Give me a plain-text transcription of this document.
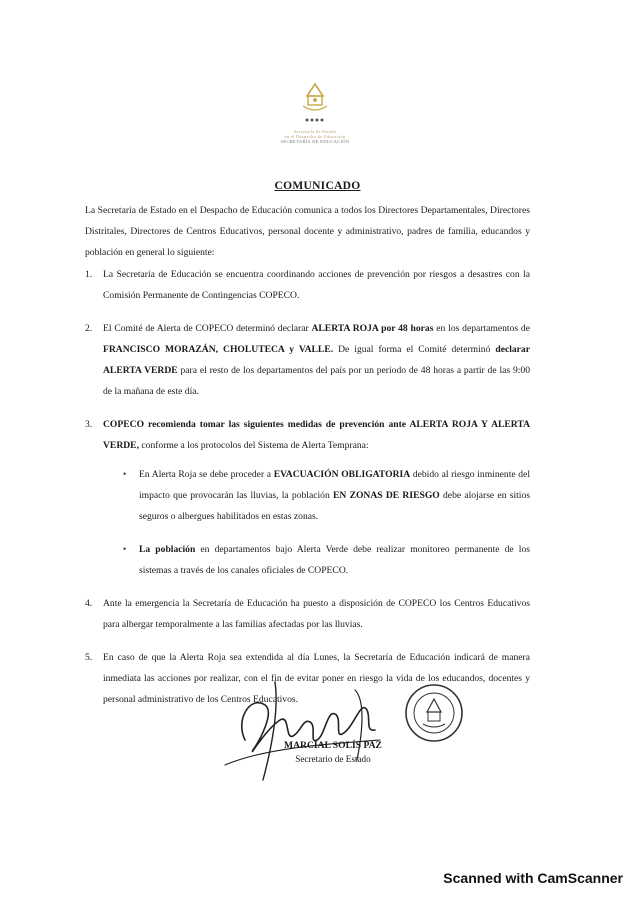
Secretaría de Estado
en el Despacho de Educación
SECRETARÍA DE EDUCACIÓN
COMUNICADO
La Secretaría de Estado en el Despacho de Educación comunica a todos los Directores Departamentales, Directores Distritales, Directores de Centros Educativos, personal docente y administrativo, padres de familia, educandos y población en general lo siguiente:
1. La Secretaría de Educación se encuentra coordinando acciones de prevención por riesgos a desastres con la Comisión Permanente de Contingencias COPECO.
2. El Comité de Alerta de COPECO determinó declarar ALERTA ROJA por 48 horas en los departamentos de FRANCISCO MORAZÁN, CHOLUTECA y VALLE. De igual forma el Comité determinó declarar ALERTA VERDE para el resto de los departamentos del país por un período de 48 horas a partir de las 9:00 de la mañana de este día.
3. COPECO recomienda tomar las siguientes medidas de prevención ante ALERTA ROJA Y ALERTA VERDE, conforme a los protocolos del Sistema de Alerta Temprana:
• En Alerta Roja se debe proceder a EVACUACIÓN OBLIGATORIA debido al riesgo inminente del impacto que provocarán las lluvias, la población EN ZONAS DE RIESGO debe alojarse en sitios seguros o albergues habilitados en estas zonas.
• La población en departamentos bajo Alerta Verde debe realizar monitoreo permanente de los sistemas a través de los canales oficiales de COPECO.
4. Ante la emergencia la Secretaría de Educación ha puesto a disposición de COPECO los Centros Educativos para albergar temporalmente a las familias afectadas por las lluvias.
5. En caso de que la Alerta Roja sea extendida al día Lunes, la Secretaría de Educación indicará de manera inmediata las acciones por realizar, con el fin de evitar poner en riesgo la vida de los educandos, docentes y personal administrativo de los Centros Educativos.
MARCIAL SOLÍS PAZ
Secretario de Estado
Scanned with CamScanner
